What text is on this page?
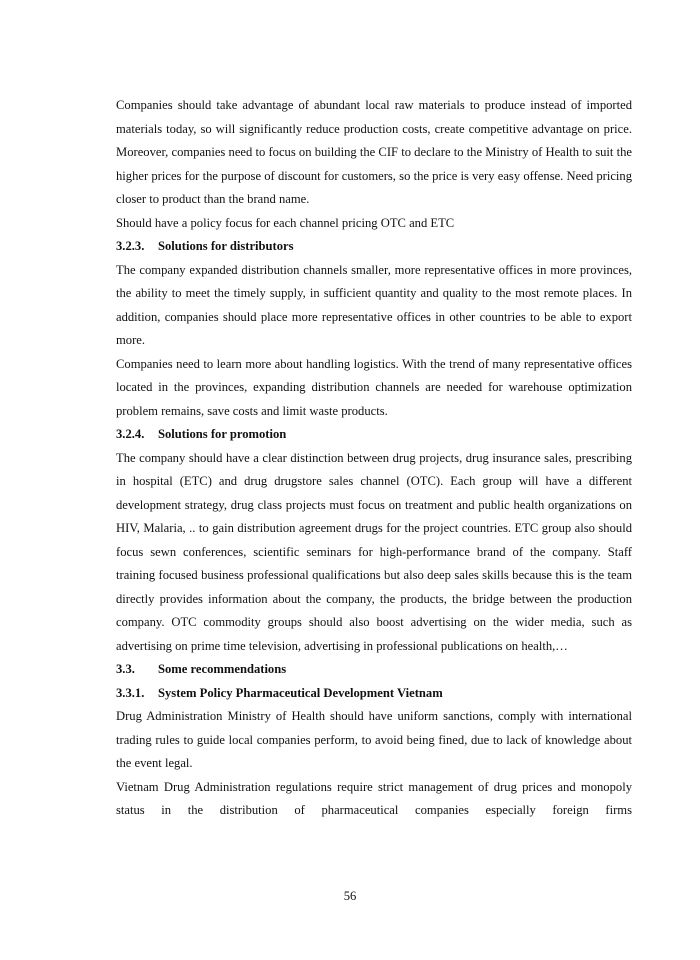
Companies should take advantage of abundant local raw materials to produce instead of imported materials today, so will significantly reduce production costs, create competitive advantage on price. Moreover, companies need to focus on building the CIF to declare to the Ministry of Health to suit the higher prices for the purpose of discount for customers, so the price is very easy offense. Need pricing closer to product than the brand name.

Should have a policy focus for each channel pricing OTC and ETC

3.2.3. Solutions for distributors

The company expanded distribution channels smaller, more representative offices in more provinces, the ability to meet the timely supply, in sufficient quantity and quality to the most remote places. In addition, companies should place more representative offices in other countries to be able to export more.

Companies need to learn more about handling logistics. With the trend of many representative offices located in the provinces, expanding distribution channels are needed for warehouse optimization problem remains, save costs and limit waste products.

3.2.4. Solutions for promotion

The company should have a clear distinction between drug projects, drug insurance sales, prescribing in hospital (ETC) and drug drugstore sales channel (OTC). Each group will have a different development strategy, drug class projects must focus on treatment and public health organizations on HIV, Malaria, .. to gain distribution agreement drugs for the project countries. ETC group also should focus sewn conferences, scientific seminars for high-performance brand of the company. Staff training focused business professional qualifications but also deep sales skills because this is the team directly provides information about the company, the products, the bridge between the production company. OTC commodity groups should also boost advertising on the wider media, such as advertising on prime time television, advertising in professional publications on health,…

3.3. Some recommendations

3.3.1. System Policy Pharmaceutical Development Vietnam

Drug Administration Ministry of Health should have uniform sanctions, comply with international trading rules to guide local companies perform, to avoid being fined, due to lack of knowledge about the event legal.

Vietnam Drug Administration regulations require strict management of drug prices and monopoly status in the distribution of pharmaceutical companies especially foreign firms

56
